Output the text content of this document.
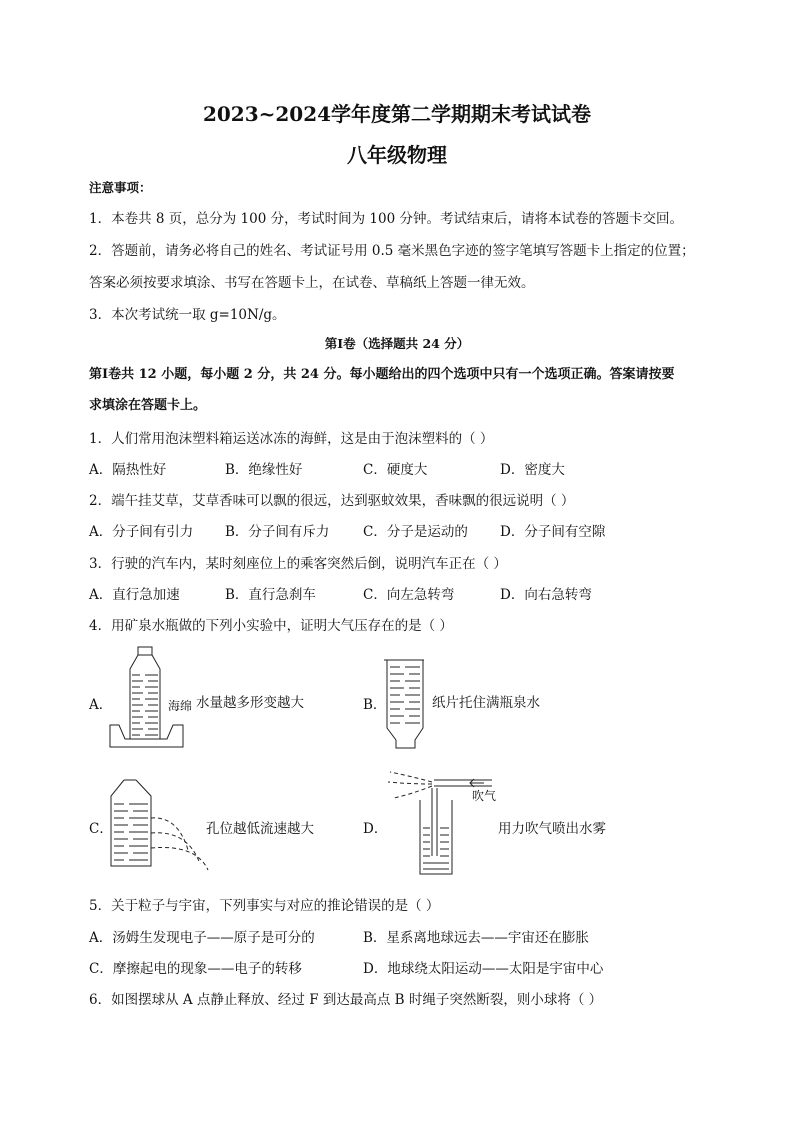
2023~2024学年度第二学期期末考试试卷
八年级物理
注意事项：
1．本卷共 8 页，总分为 100 分，考试时间为 100 分钟。考试结束后，请将本试卷的答题卡交回。
2．答题前，请务必将自己的姓名、考试证号用 0.5 毫米黑色字迹的签字笔填写答题卡上指定的位置；
答案必须按要求填涂、书写在答题卡上，在试卷、草稿纸上答题一律无效。
3．本次考试统一取 g=10N/g。
第Ⅰ卷（选择题共 24 分）
第Ⅰ卷共 12 小题，每小题 2 分，共 24 分。每小题给出的四个选项中只有一个选项正确。答案请按要
求填涂在答题卡上。
1．人们常用泡沫塑料箱运送冰冻的海鲜，这是由于泡沫塑料的（ ）
A．隔热性好	B．绝缘性好	C．硬度大	D．密度大
2．端午挂艾草，艾草香味可以飘的很远，达到驱蚊效果，香味飘的很远说明（ ）
A．分子间有引力 B．分子间有斥力 C．分子是运动的 D．分子间有空隙
3．行驶的汽车内，某时刻座位上的乘客突然后倒，说明汽车正在（ ）
A．直行急加速	B．直行急刹车	C．向左急转弯	D．向右急转弯
4．用矿泉水瓶做的下列小实验中，证明大气压存在的是（ ）
A．	海绵 水量越多形变越大	B．	纸片托住满瓶泉水
C．	孔位越低流速越大	D．
吹气
用力吹气喷出水雾
5．关于粒子与宇宙，下列事实与对应的推论错误的是（ ）
A．汤姆生发现电子——原子是可分的	B．星系离地球远去——宇宙还在膨胀
C．摩擦起电的现象——电子的转移	D．地球绕太阳运动——太阳是宇宙中心
6．如图摆球从 A 点静止释放、经过 F 到达最高点 B 时绳子突然断裂，则小球将（ ）
